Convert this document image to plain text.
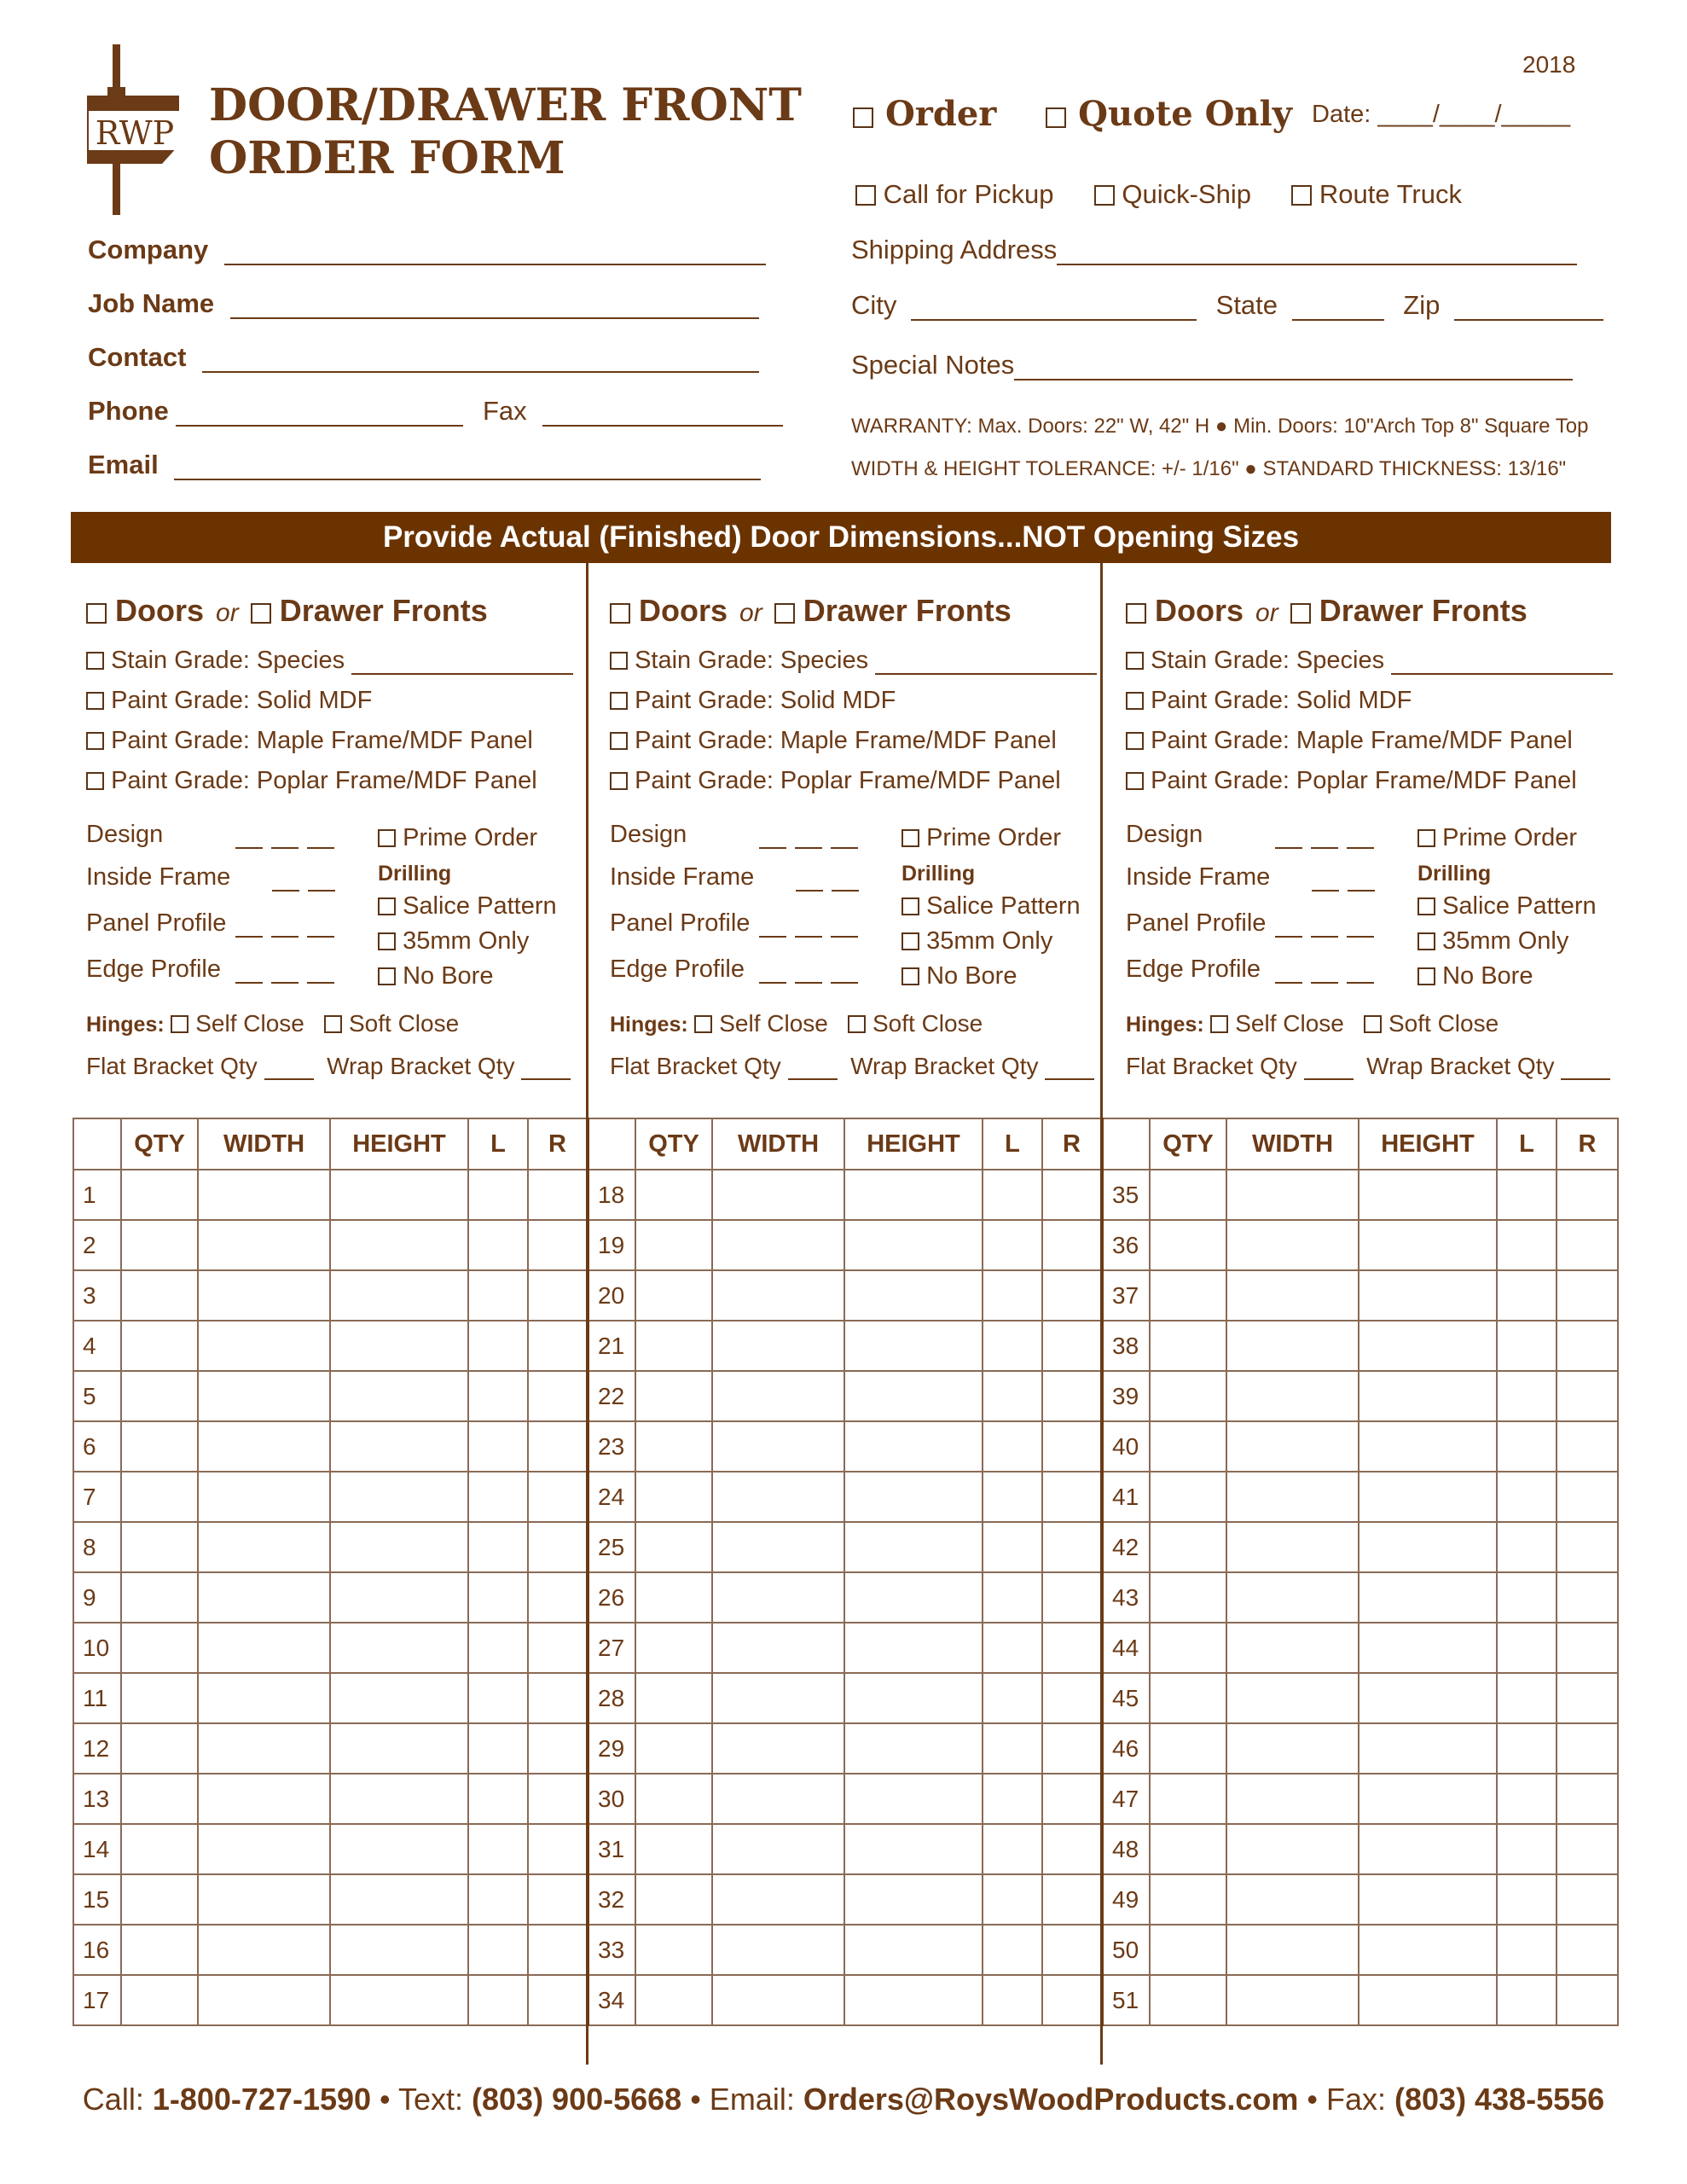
2018
RWP
DOOR/DRAWER FRONT
ORDER FORM
Order Quote Only Date: ____/____/_____
Call for Pickup	Quick-Ship	Route Truck
Company
Job Name
Contact
Phone	Fax
Email
Shipping Address
City	State	Zip
Special Notes
WARRANTY: Max. Doors: 22" W, 42" H ● Min. Doors: 10"Arch Top 8" Square Top
WIDTH & HEIGHT TOLERANCE: +/- 1/16" ● STANDARD THICKNESS: 13/16"
Provide Actual (Finished) Door Dimensions...NOT Opening Sizes
Doors or Drawer Fronts
Stain Grade: Species
Paint Grade: Solid MDF
Paint Grade: Maple Frame/MDF Panel
Paint Grade: Poplar Frame/MDF Panel
Design
Inside Frame
Panel Profile
Edge Profile
Prime Order
Drilling
Salice Pattern
35mm Only
No Bore
Hinges: Self Close Soft Close
Flat Bracket Qty	Wrap Bracket Qty
Doors or Drawer Fronts
Stain Grade: Species
Paint Grade: Solid MDF
Paint Grade: Maple Frame/MDF Panel
Paint Grade: Poplar Frame/MDF Panel
Design
Inside Frame
Panel Profile
Edge Profile
Prime Order
Drilling
Salice Pattern
35mm Only
No Bore
Hinges: Self Close Soft Close
Flat Bracket Qty	Wrap Bracket Qty
Doors or Drawer Fronts
Stain Grade: Species
Paint Grade: Solid MDF
Paint Grade: Maple Frame/MDF Panel
Paint Grade: Poplar Frame/MDF Panel
Design
Inside Frame
Panel Profile
Edge Profile
Prime Order
Drilling
Salice Pattern
35mm Only
No Bore
Hinges: Self Close Soft Close
Flat Bracket Qty	Wrap Bracket Qty
	QTY	WIDTH	HEIGHT	L	R		QTY	WIDTH	HEIGHT	L	R		QTY	WIDTH	HEIGHT	L	R
1						18						35					
2						19						36					
3						20						37					
4						21						38					
5						22						39					
6						23						40					
7						24						41					
8						25						42					
9						26						43					
10						27						44					
11						28						45					
12						29						46					
13						30						47					
14						31						48					
15						32						49					
16						33						50					
17						34						51					
Call: 1-800-727-1590 • Text: (803) 900-5668 • Email: Orders@RoysWoodProducts.com • Fax: (803) 438-5556
